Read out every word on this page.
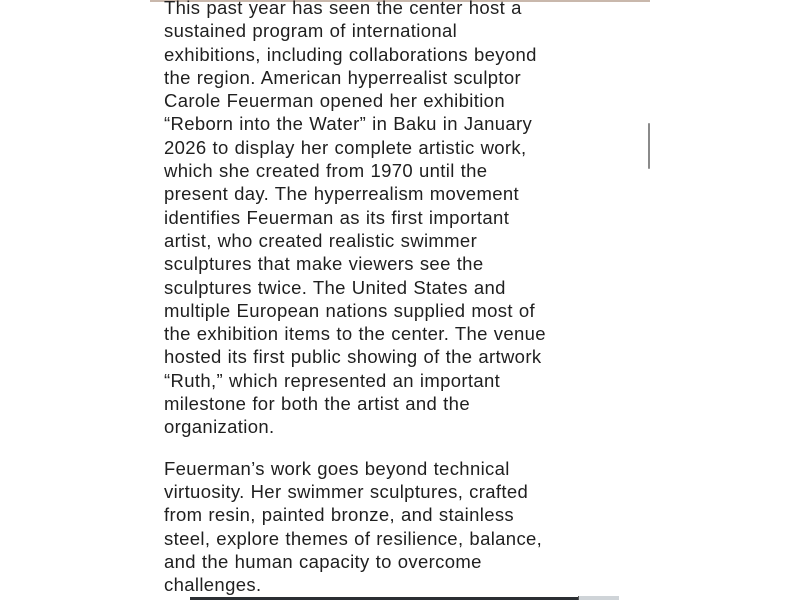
This past year has seen the center host a
sustained program of international
exhibitions, including collaborations beyond
the region. American hyperrealist sculptor
Carole Feuerman opened her exhibition
“Reborn into the Water” in Baku in January
2026 to display her complete artistic work,
which she created from 1970 until the
present day. The hyperrealism movement
identifies Feuerman as its first important
artist, who created realistic swimmer
sculptures that make viewers see the
sculptures twice. The United States and
multiple European nations supplied most of
the exhibition items to the center. The venue
hosted its first public showing of the artwork
“Ruth,” which represented an important
milestone for both the artist and the
organization.

Feuerman’s work goes beyond technical
virtuosity. Her swimmer sculptures, crafted
from resin, painted bronze, and stainless
steel, explore themes of resilience, balance,
and the human capacity to overcome
challenges.
